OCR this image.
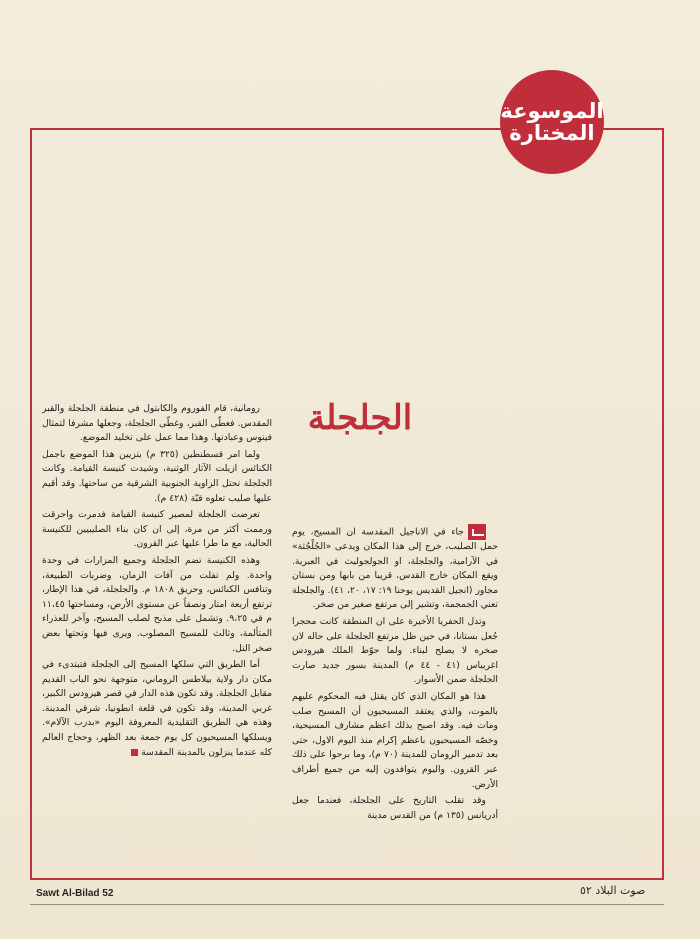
الموسوعة
المختارة
الجلجلة

جاء في الاناجيل المقدسة ان المسيح، يوم حمل الصليب، خرج إلى هذا المكان ويدعى «الجُلْجُثة» في الآرامية، والجلجلة، او الجولجوليث في العبرية. ويقع المكان خارج القدس، قريبا من بابها ومن بستان مجاور (انجيل القديس يوحنا ١٩: ١٧، ٢٠، ٤١). والجلجلة تعني الجمجمة، وتشير إلى مرتفع صغير من صخر.

وتدل الحفريا الأخيرة على ان المنطقة كانت محجرا جُعل بستانا، في حين ظل مرتفع الجلجلة على حاله لان صخره لا يصلح لبناء. ولما حوّط الملك هيرودس اغريباس (٤١ - ٤٤ م) المدينة بسور جديد صارت الجلجلة ضمن الأسوار.

هذا هو المكان الذي كان يقتل فيه المحكوم عليهم بالموت، والذي يعتقد المسيحيون أن المسيح صلب ومات فيه. وقد اصبح بذلك اعظم مشارف المسيحية، وخصّه المسيحيون باعظم إكرام منذ اليوم الاول، حتى بعد تدمير الرومان للمدينة (٧٠ م)، وما برحوا على ذلك عبر القرون. واليوم يتوافدون إليه من جميع أطراف الأرض.

وقد تقلب التاريخ على الجلجلة، فعندما جعل أدريانس (١٣٥ م) من القدس مدينة

رومانية، قام الفوروم والكابتول في منطقة الجلجلة والقبر المقدس. فغطّى القبر، وغطّى الجلجلة، وجعلها مشرفا لتمثال فينوس وعبادتها. وهذا مما عمل على تخليد الموضع.

ولما امر قسطنطين (٣٢٥ م) بتزيين هذا الموضع باجمل الكنائس ازيلت الآثار الوثنية، وشيدت كنيسة القيامة. وكانت الجلجلة تحتل الزاوية الجنوبية الشرقية من ساحتها. وقد أقيم عليها صليب تعلوه قبّة (٤٢٨ م).

تعرضت الجلجلة لمصير كنيسة القيامة فدمرت واحرقت ورممت أكثر من مرة، إلى ان كان بناء الصليبيين للكنيسة الحالية، مع ما طرا عليها عبر القرون.

وهذه الكنيسة تضم الجلجلة وجميع المزارات في وحدة واحدة. ولم تفلت من آفات الزمان، وضربات الطبيعة، وتنافس الكنائس، وحريق ١٨٠٨ م. والجلجلة، في هذا الإطار، ترتفع أربعة امتار ونصفاً عن مستوى الأرض، ومساحتها ١١،٤٥ م في ٩،٢٥. وتشمل على مذبح لصلب المسيح، وآخر للعذراء المتألمة، وثالث للمسيح المصلوب. ويرى فيها وتحتها بعض صخر التل.

أما الطريق التي سلكها المسيح إلى الجلجلة فتبتدىء في مكان دار ولاية بيلاطس الروماني، متوجهة نحو الباب القديم مقابل الجلجلة. وقد تكون هذه الدار في قصر هيرودس الكبير، غربي المدينة، وقد تكون في قلعة انطونيا، شرقي المدينة. وهذه هي الطريق التقليدية المعروفة اليوم «بدرب الآلام». ويسلكها المسيحيون كل يوم جمعة بعد الظهر، وحجاج العالم كله عندما ينزلون بالمدينة المقدسة

Sawt Al-Bilad 52	صوت البلاد ٥٢
